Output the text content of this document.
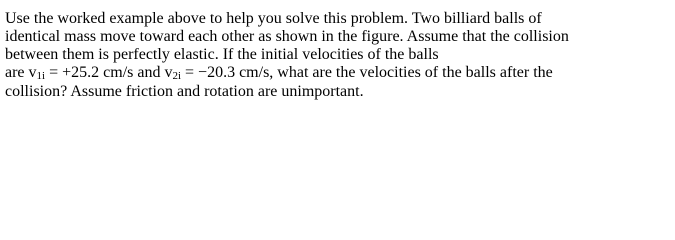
Use the worked example above to help you solve this problem. Two billiard balls of
identical mass move toward each other as shown in the figure. Assume that the collision
between them is perfectly elastic. If the initial velocities of the balls
are v1i = +25.2 cm/s and v2i = −20.3 cm/s, what are the velocities of the balls after the
collision? Assume friction and rotation are unimportant.
